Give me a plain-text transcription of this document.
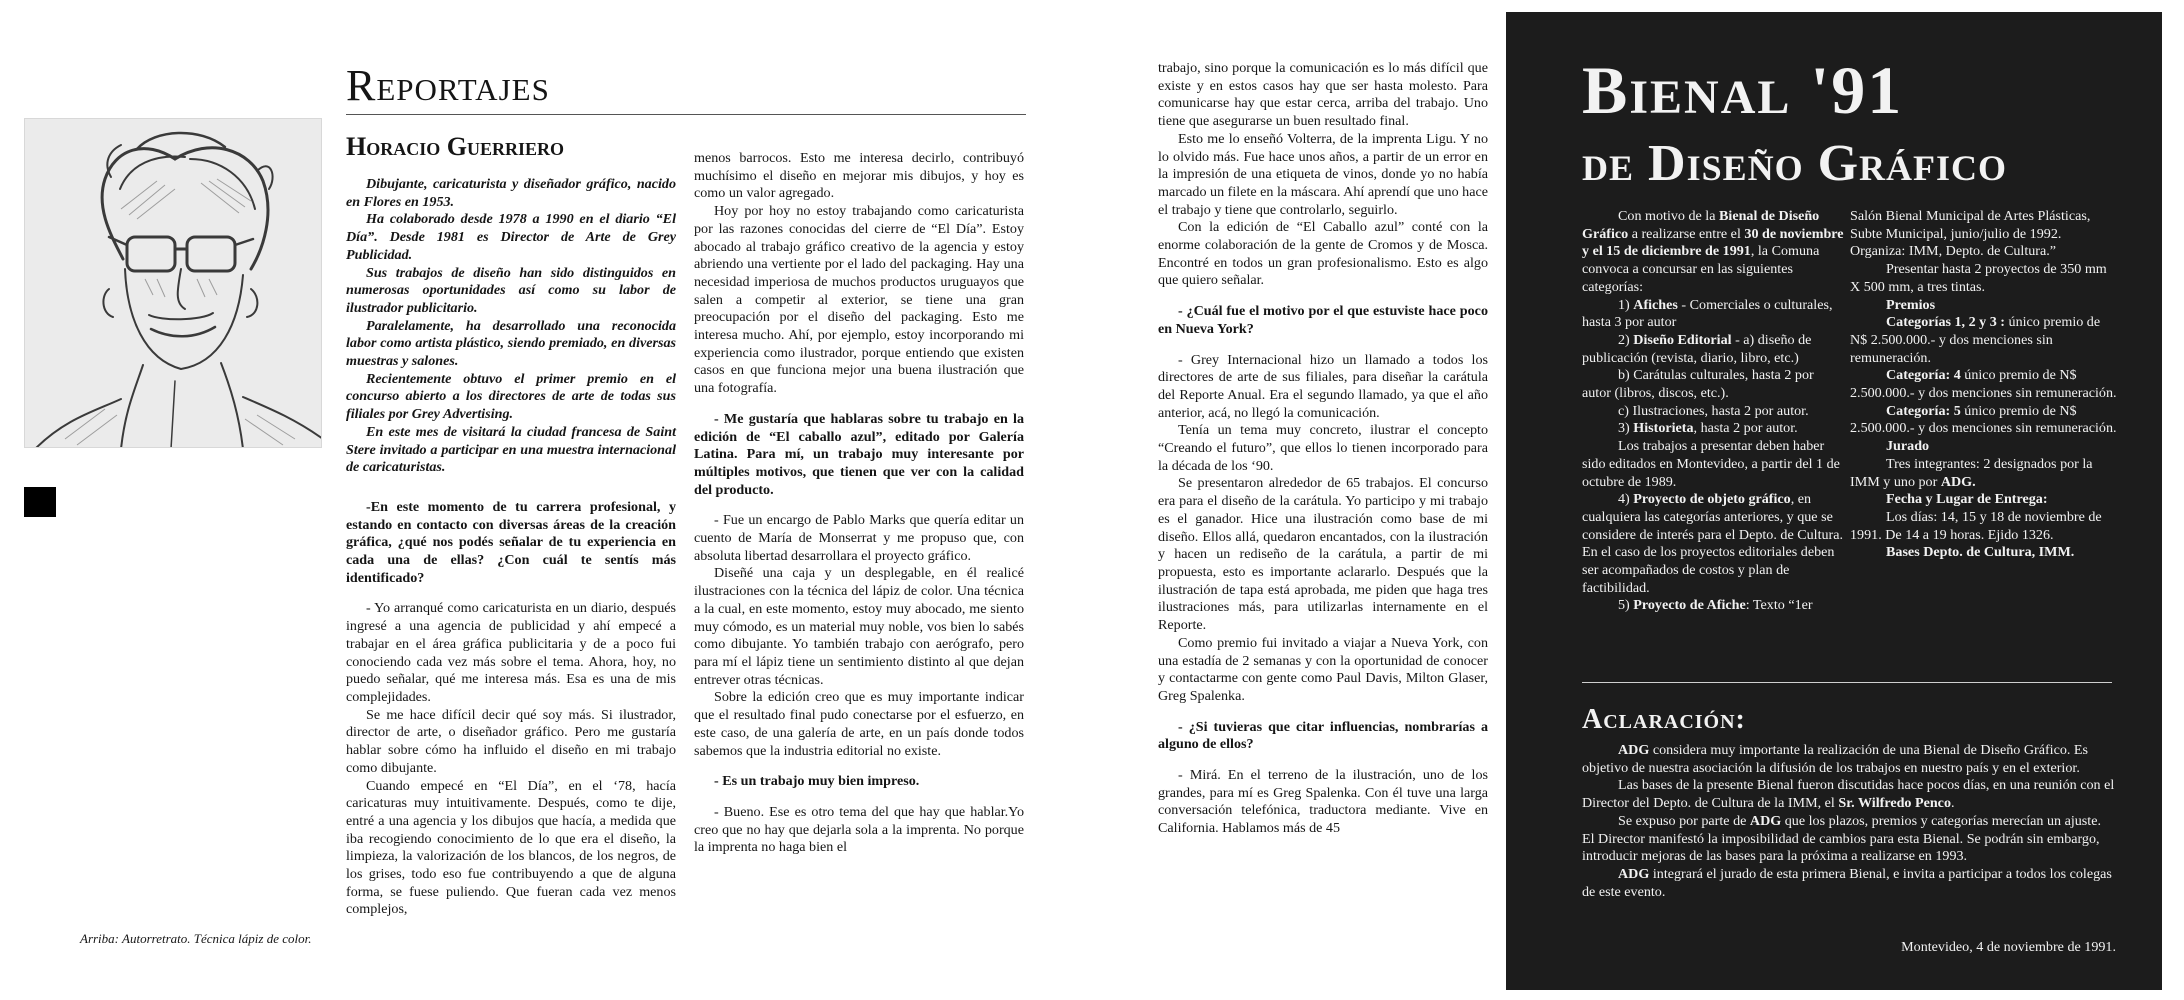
Arriba: Autorretrato. Técnica lápiz de color.
Reportajes
Horacio Guerriero

Dibujante, caricaturista y diseñador gráfico, nacido en Flores en 1953.

Ha colaborado desde 1978 a 1990 en el diario “El Día”. Desde 1981 es Director de Arte de Grey Publicidad.

Sus trabajos de diseño han sido distinguidos en numerosas oportunidades así como su labor de ilustrador publicitario.

Paralelamente, ha desarrollado una reconocida labor como artista plástico, siendo premiado, en diversas muestras y salones.

Recientemente obtuvo el primer premio en el concurso abierto a los directores de arte de todas sus filiales por Grey Advertising.

En este mes de visitará la ciudad francesa de Saint Stere invitado a participar en una muestra internacional de caricaturistas.

-En este momento de tu carrera profesional, y estando en contacto con diversas áreas de la creación gráfica, ¿qué nos podés señalar de tu experiencia en cada una de ellas? ¿Con cuál te sentís más identificado?

- Yo arranqué como caricaturista en un diario, después ingresé a una agencia de publicidad y ahí empecé a trabajar en el área gráfica publicitaria y de a poco fui conociendo cada vez más sobre el tema. Ahora, hoy, no puedo señalar, qué me interesa más. Esa es una de mis complejidades.

Se me hace difícil decir qué soy más. Si ilustrador, director de arte, o diseñador gráfico. Pero me gustaría hablar sobre cómo ha influido el diseño en mi trabajo como dibujante.

Cuando empecé en “El Día”, en el ‘78, hacía caricaturas muy intuitivamente. Después, como te dije, entré a una agencia y los dibujos que hacía, a medida que iba recogiendo conocimiento de lo que era el diseño, la limpieza, la valorización de los blancos, de los negros, de los grises, todo eso fue contribuyendo a que de alguna forma, se fuese puliendo. Que fueran cada vez menos complejos,

menos barrocos. Esto me interesa decirlo, contribuyó muchísimo el diseño en mejorar mis dibujos, y hoy es como un valor agregado.

Hoy por hoy no estoy trabajando como caricaturista por las razones conocidas del cierre de “El Día”. Estoy abocado al trabajo gráfico creativo de la agencia y estoy abriendo una vertiente por el lado del packaging. Hay una necesidad imperiosa de muchos productos uruguayos que salen a competir al exterior, se tiene una gran preocupación por el diseño del packaging. Esto me interesa mucho. Ahí, por ejemplo, estoy incorporando mi experiencia como ilustrador, porque entiendo que existen casos en que funciona mejor una buena ilustración que una fotografía.

- Me gustaría que hablaras sobre tu trabajo en la edición de “El caballo azul”, editado por Galería Latina. Para mí, un trabajo muy interesante por múltiples motivos, que tienen que ver con la calidad del producto.

- Fue un encargo de Pablo Marks que quería editar un cuento de María de Monserrat y me propuso que, con absoluta libertad desarrollara el proyecto gráfico.

Diseñé una caja y un desplegable, en él realicé ilustraciones con la técnica del lápiz de color. Una técnica a la cual, en este momento, estoy muy abocado, me siento muy cómodo, es un material muy noble, vos bien lo sabés como dibujante. Yo también trabajo con aerógrafo, pero para mí el lápiz tiene un sentimiento distinto al que dejan entrever otras técnicas.

Sobre la edición creo que es muy importante indicar que el resultado final pudo conectarse por el esfuerzo, en este caso, de una galería de arte, en un país donde todos sabemos que la industria editorial no existe.

- Es un trabajo muy bien impreso.

- Bueno. Ese es otro tema del que hay que hablar.Yo creo que no hay que dejarla sola a la imprenta. No porque la imprenta no haga bien el

trabajo, sino porque la comunicación es lo más difícil que existe y en estos casos hay que ser hasta molesto. Para comunicarse hay que estar cerca, arriba del trabajo. Uno tiene que asegurarse un buen resultado final.

Esto me lo enseñó Volterra, de la imprenta Ligu. Y no lo olvido más. Fue hace unos años, a partir de un error en la impresión de una etiqueta de vinos, donde yo no había marcado un filete en la máscara. Ahí aprendí que uno hace el trabajo y tiene que controlarlo, seguirlo.

Con la edición de “El Caballo azul” conté con la enorme colaboración de la gente de Cromos y de Mosca. Encontré en todos un gran profesionalismo. Esto es algo que quiero señalar.

- ¿Cuál fue el motivo por el que estuviste hace poco en Nueva York?

- Grey Internacional hizo un llamado a todos los directores de arte de sus filiales, para diseñar la carátula del Reporte Anual. Era el segundo llamado, ya que el año anterior, acá, no llegó la comunicación.

Tenía un tema muy concreto, ilustrar el concepto “Creando el futuro”, que ellos lo tienen incorporado para la década de los ‘90.

Se presentaron alrededor de 65 trabajos. El concurso era para el diseño de la carátula. Yo participo y mi trabajo es el ganador. Hice una ilustración como base de mi diseño. Ellos allá, quedaron encantados, con la ilustración y hacen un rediseño de la carátula, a partir de mi propuesta, esto es importante aclararlo. Después que la ilustración de tapa está aprobada, me piden que haga tres ilustraciones más, para utilizarlas internamente en el Reporte.

Como premio fui invitado a viajar a Nueva York, con una estadía de 2 semanas y con la oportunidad de conocer y contactarme con gente como Paul Davis, Milton Glaser, Greg Spalenka.

- ¿Si tuvieras que citar influencias, nombrarías a alguno de ellos?

- Mirá. En el terreno de la ilustración, uno de los grandes, para mí es Greg Spalenka. Con él tuve una larga conversación telefónica, traductora mediante. Vive en California. Hablamos más de 45

Bienal '91
de Diseño Gráfico

Con motivo de la Bienal de Diseño Gráfico a realizarse entre el 30 de noviembre y el 15 de diciembre de 1991, la Comuna convoca a concursar en las siguientes categorías:

1) Afiches - Comerciales o culturales, hasta 3 por autor

2) Diseño Editorial - a) diseño de publicación (revista, diario, libro, etc.)

b) Carátulas culturales, hasta 2 por autor (libros, discos, etc.).

c) Ilustraciones, hasta 2 por autor.

3) Historieta, hasta 2 por autor.

Los trabajos a presentar deben haber sido editados en Montevideo, a partir del 1 de octubre de 1989.

4) Proyecto de objeto gráfico, en cualquiera las categorías anteriores, y que se considere de interés para el Depto. de Cultura. En el caso de los proyectos editoriales deben ser acompañados de costos y plan de factibilidad.

5) Proyecto de Afiche: Texto “1er

Salón Bienal Municipal de Artes Plásticas, Subte Municipal, junio/julio de 1992. Organiza: IMM, Depto. de Cultura.”

Presentar hasta 2 proyectos de 350 mm X 500 mm, a tres tintas.

Premios

Categorías 1, 2 y 3 : único premio de N$ 2.500.000.- y dos menciones sin remuneración.

Categoría: 4 único premio de N$ 2.500.000.- y dos menciones sin remuneración.

Categoría: 5 único premio de N$ 2.500.000.- y dos menciones sin remuneración.

Jurado

Tres integrantes: 2 designados por la IMM y uno por ADG.

Fecha y Lugar de Entrega:

Los días: 14, 15 y 18 de noviembre de 1991. De 14 a 19 horas. Ejido 1326.

Bases Depto. de Cultura, IMM.

Aclaración:

ADG considera muy importante la realización de una Bienal de Diseño Gráfico. Es objetivo de nuestra asociación la difusión de los trabajos en nuestro país y en el exterior.

Las bases de la presente Bienal fueron discutidas hace pocos días, en una reunión con el Director del Depto. de Cultura de la IMM, el Sr. Wilfredo Penco.

Se expuso por parte de ADG que los plazos, premios y categorías merecían un ajuste. El Director manifestó la imposibilidad de cambios para esta Bienal. Se podrán sin embargo, introducir mejoras de las bases para la próxima a realizarse en 1993.

ADG integrará el jurado de esta primera Bienal, e invita a participar a todos los colegas de este evento.

Montevideo, 4 de noviembre de 1991.
